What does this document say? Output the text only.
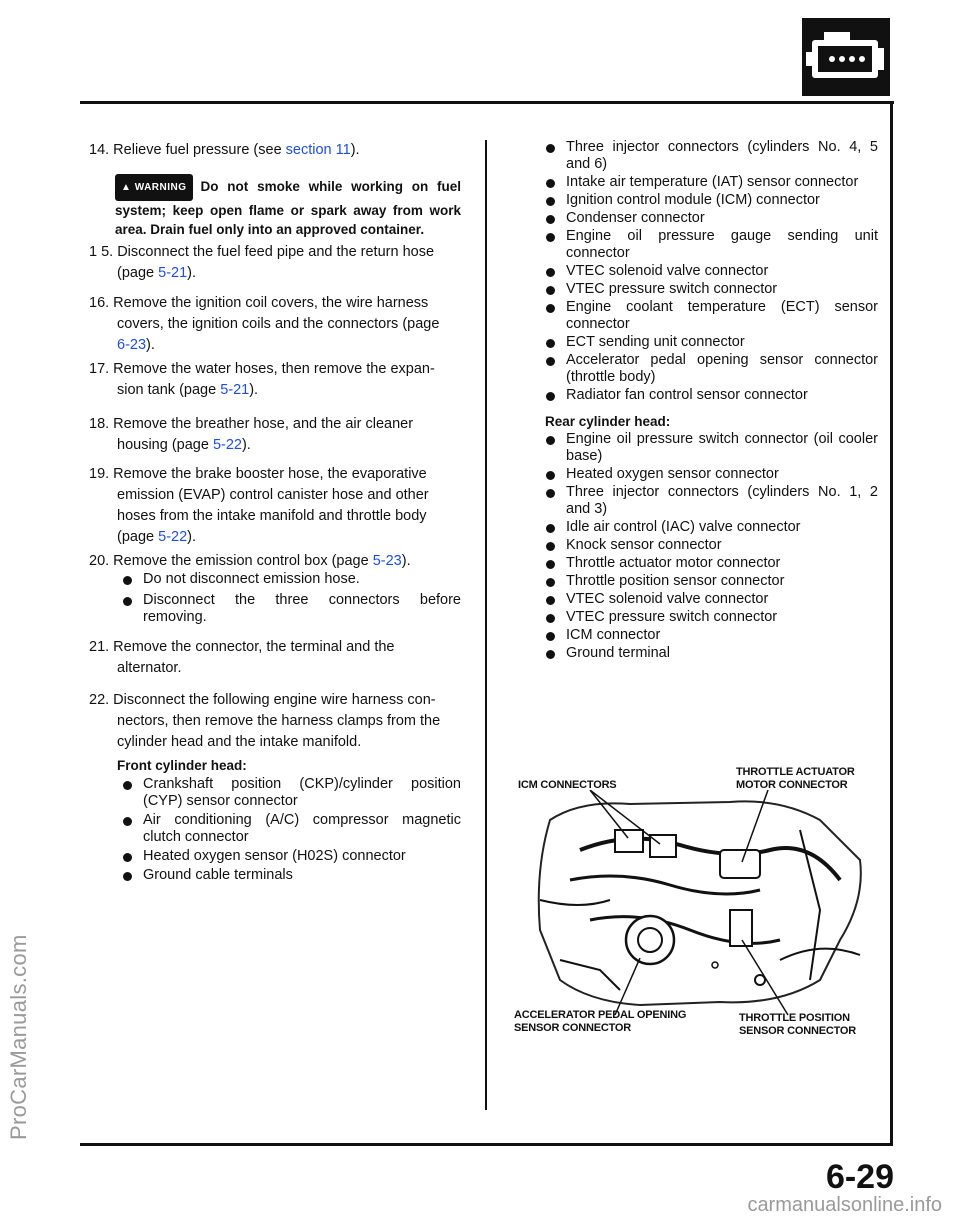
ProCarManuals.com
14. Relieve fuel pressure (see section 11).
▲ WARNING Do not smoke while working on fuel system; keep open flame or spark away from work area. Drain fuel only into an approved container.
1 5. Disconnect the fuel feed pipe and the return hose
(page 5-21).
16. Remove the ignition coil covers, the wire harness
covers, the ignition coils and the connectors (page
6-23).
17. Remove the water hoses, then remove the expan-
sion tank (page 5-21).
18. Remove the breather hose, and the air cleaner
housing (page 5-22).
19. Remove the brake booster hose, the evaporative
emission (EVAP) control canister hose and other
hoses from the intake manifold and throttle body
(page 5-22).
20. Remove the emission control box (page 5-23).
Do not disconnect emission hose.
Disconnect the three connectors before removing.
21. Remove the connector, the terminal and the
alternator.
22. Disconnect the following engine wire harness con-
nectors, then remove the harness clamps from the
cylinder head and the intake manifold.
Front cylinder head:
Crankshaft position (CKP)/cylinder position (CYP) sensor connector
Air conditioning (A/C) compressor magnetic clutch connector
Heated oxygen sensor (H02S) connector
Ground cable terminals
Three injector connectors (cylinders No. 4, 5 and 6)
Intake air temperature (IAT) sensor connector
Ignition control module (ICM) connector
Condenser connector
Engine oil pressure gauge sending unit connector
VTEC solenoid valve connector
VTEC pressure switch connector
Engine coolant temperature (ECT) sensor connector
ECT sending unit connector
Accelerator pedal opening sensor connector (throttle body)
Radiator fan control sensor connector
Rear cylinder head:
Engine oil pressure switch connector (oil cooler base)
Heated oxygen sensor connector
Three injector connectors (cylinders No. 1, 2 and 3)
Idle air control (IAC) valve connector
Knock sensor connector
Throttle actuator motor connector
Throttle position sensor connector
VTEC solenoid valve connector
VTEC pressure switch connector
ICM connector
Ground terminal
ICM CONNECTORS
THROTTLE ACTUATOR
MOTOR CONNECTOR
ACCELERATOR PEDAL OPENING
SENSOR CONNECTOR
THROTTLE POSITION
SENSOR CONNECTOR
6-29
carmanualsonline.info
